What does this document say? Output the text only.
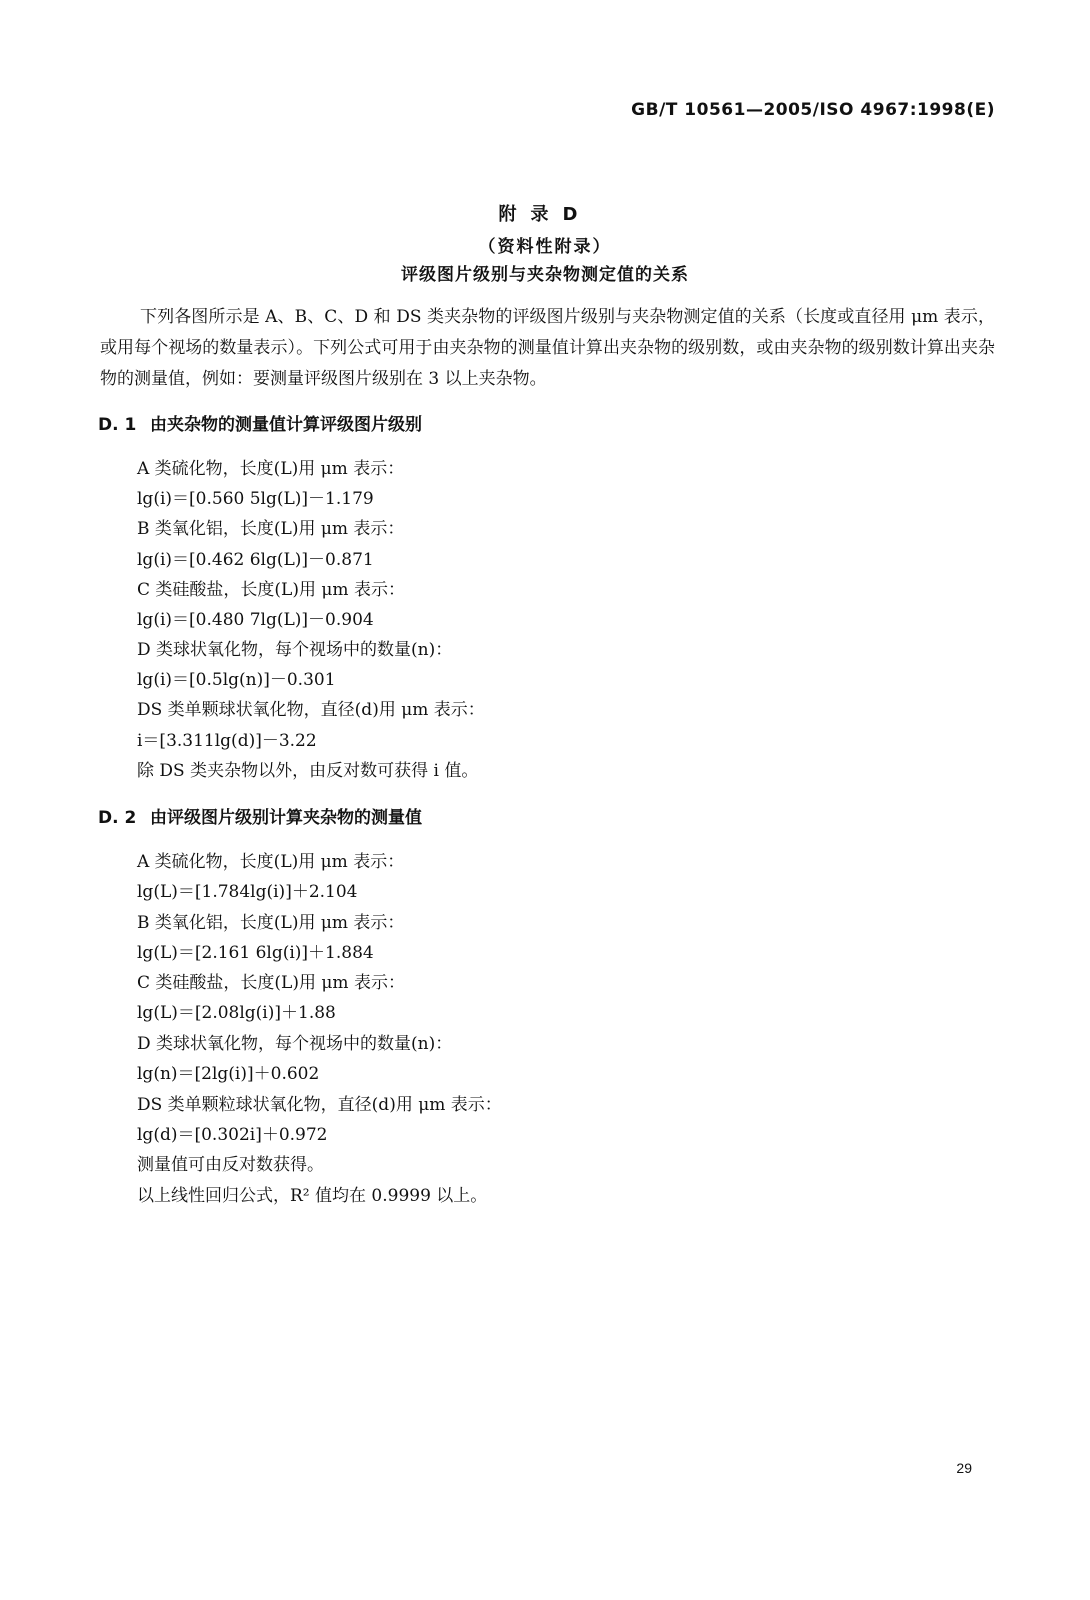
GB/T 10561—2005/ISO 4967:1998(E)
附录D
（资料性附录）
评级图片级别与夹杂物测定值的关系

下列各图所示是 A、B、C、D 和 DS 类夹杂物的评级图片级别与夹杂物测定值的关系（长度或直径用 μm 表示，或用每个视场的数量表示）。下列公式可用于由夹杂物的测量值计算出夹杂物的级别数，或由夹杂物的级别数计算出夹杂物的测量值，例如：要测量评级图片级别在 3 以上夹杂物。

D. 1 由夹杂物的测量值计算评级图片级别
A 类硫化物，长度(L)用 μm 表示：
lg(i)＝[0.560 5lg(L)]－1.179
B 类氧化铝，长度(L)用 μm 表示：
lg(i)＝[0.462 6lg(L)]－0.871
C 类硅酸盐，长度(L)用 μm 表示：
lg(i)＝[0.480 7lg(L)]－0.904
D 类球状氧化物，每个视场中的数量(n)：
lg(i)＝[0.5lg(n)]－0.301
DS 类单颗球状氧化物，直径(d)用 μm 表示：
i＝[3.311lg(d)]－3.22
除 DS 类夹杂物以外，由反对数可获得 i 值。
D. 2 由评级图片级别计算夹杂物的测量值
A 类硫化物，长度(L)用 μm 表示：
lg(L)＝[1.784lg(i)]＋2.104
B 类氧化铝，长度(L)用 μm 表示：
lg(L)＝[2.161 6lg(i)]＋1.884
C 类硅酸盐，长度(L)用 μm 表示：
lg(L)＝[2.08lg(i)]＋1.88
D 类球状氧化物，每个视场中的数量(n)：
lg(n)＝[2lg(i)]＋0.602
DS 类单颗粒球状氧化物，直径(d)用 μm 表示：
lg(d)＝[0.302i]＋0.972
测量值可由反对数获得。
以上线性回归公式，R² 值均在 0.9999 以上。
29
